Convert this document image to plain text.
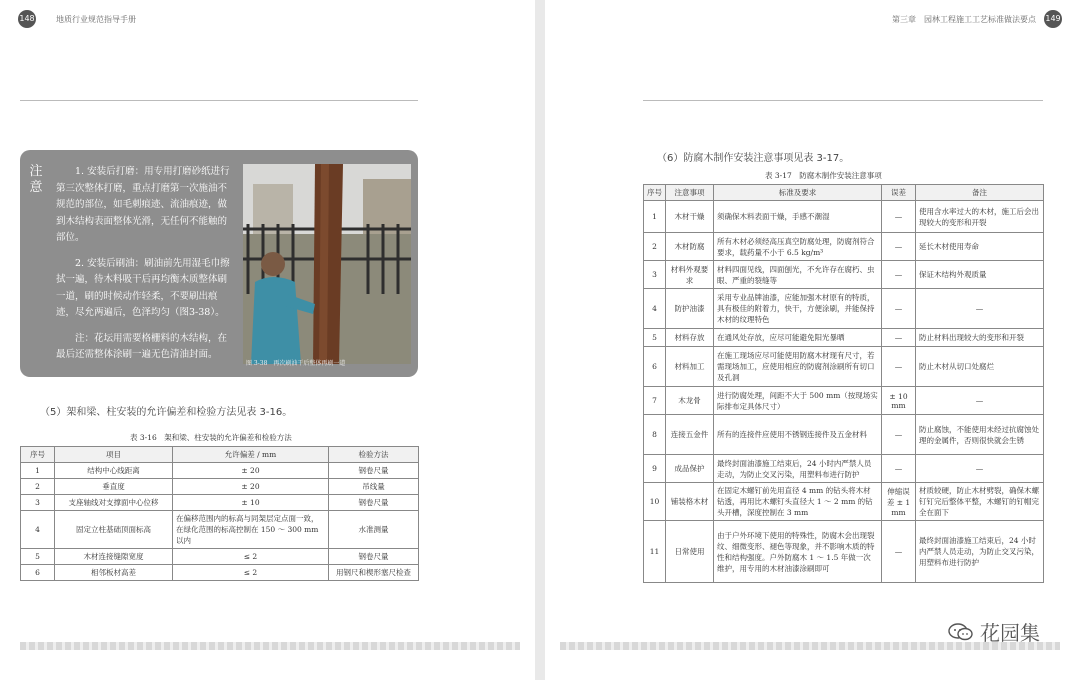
148	地质行业规范指导手册
注意

1. 安装后打磨：用专用打磨砂纸进行第三次整体打磨，重点打磨第一次施油不规范的部位，如毛刺痕迹、流油痕迹，做到木结构表面整体光滑，无任何不能触的部位。

2. 安装后刷油：刷油前先用湿毛巾擦拭一遍，待木料吸干后再均衡木质整体刷一道，刷的时候动作轻柔，不要刷出痕迹，尽允两遍后，色泽均匀（图3-38）。

注：花坛用需要格栅料的木结构，在最后还需整体涂刷一遍无色清油封面。

图 3-38　再次刷油干后整体再刷一道
（5）架和梁、柱安装的允许偏差和检验方法见表 3-16。
表 3-16　架和梁、柱安装的允许偏差和检验方法
序号	项目	允许偏差 / mm	检验方法
1	结构中心线距离	± 20	钢卷尺量
2	垂直度	± 20	吊线量
3	支座轴线对支撑面中心位移	± 10	钢卷尺量
4	固定立柱基础顶面标高	在偏移范围内的标高与同架层定点面一致，在绿化范围的标高控制在 150 ～ 300 mm 以内	水准测量
5	木材连接缝隙宽度	≤ 2	钢卷尺量
6	相邻板材高差	≤ 2	用钢尺和楔形塞尺检查
第三章　园林工程施工工艺标准做法要点 149
（6）防腐木制作安装注意事项见表 3-17。
表 3-17　防腐木制作安装注意事项
序号	注意事项	标准及要求	误差	备注
1	木材干燥	须确保木料表面干燥，手感不潮湿	—	使用含水率过大的木材，施工后会出现较大的变形和开裂
2	木材防腐	所有木材必须经高压真空防腐处理，防腐剂符合要求，载药量不小于 6.5 kg/m³	—	延长木材使用寿命
3	材料外观要求	材料四面见线，四面刨光，不允许存在腐朽、虫眼、严重的裂缝等	—	保证木结构外观质量
4	防护油漆	采用专业品牌油漆，应能加强木材原有的特质，具有极佳的附着力，快干，方便涂刷，并能保持木材的纹理特色	—	—
5	材料存放	在通风处存放，应尽可能避免阳光暴晒	—	防止材料出现较大的变形和开裂
6	材料加工	在施工现场应尽可能使用防腐木材现有尺寸，若需现场加工，应使用相应的防腐剂涂刷所有切口及孔洞	—	防止木材从切口处腐烂
7	木龙骨	进行防腐处理，间距不大于 500 mm（按现场实际排布定具体尺寸）	± 10 mm	—
8	连接五金件	所有的连接件应使用不锈钢连接件及五金材料	—	防止腐蚀，不能使用未经过抗腐蚀处理的金属件，否则很快就会生锈
9	成品保护	最终封面油漆施工结束后，24 小时内严禁人员走动，为防止交叉污染，用塑料布进行防护	—	—
10	铺装格木材	在固定木螺钉前先用直径 4 mm 的钻头将木材钻透，再用比木螺钉头直径大 1 ～ 2 mm 的钻头开槽，深度控制在 3 mm	伸缩误差 ± 1 mm	材质较硬，防止木材劈裂，确保木螺钉钉完后整体平整，木螺钉的钉帽完全在面下
11	日常使用	由于户外环境下使用的特殊性，防腐木会出现裂纹、细微变形、褪色等现象，并不影响木质的特性和结构强度。户外防腐木 1 ～ 1.5 年做一次维护，用专用的木材油漆涂刷即可	—	最终封面油漆施工结束后，24 小时内严禁人员走动，为防止交叉污染，用塑料布进行防护
花园集
